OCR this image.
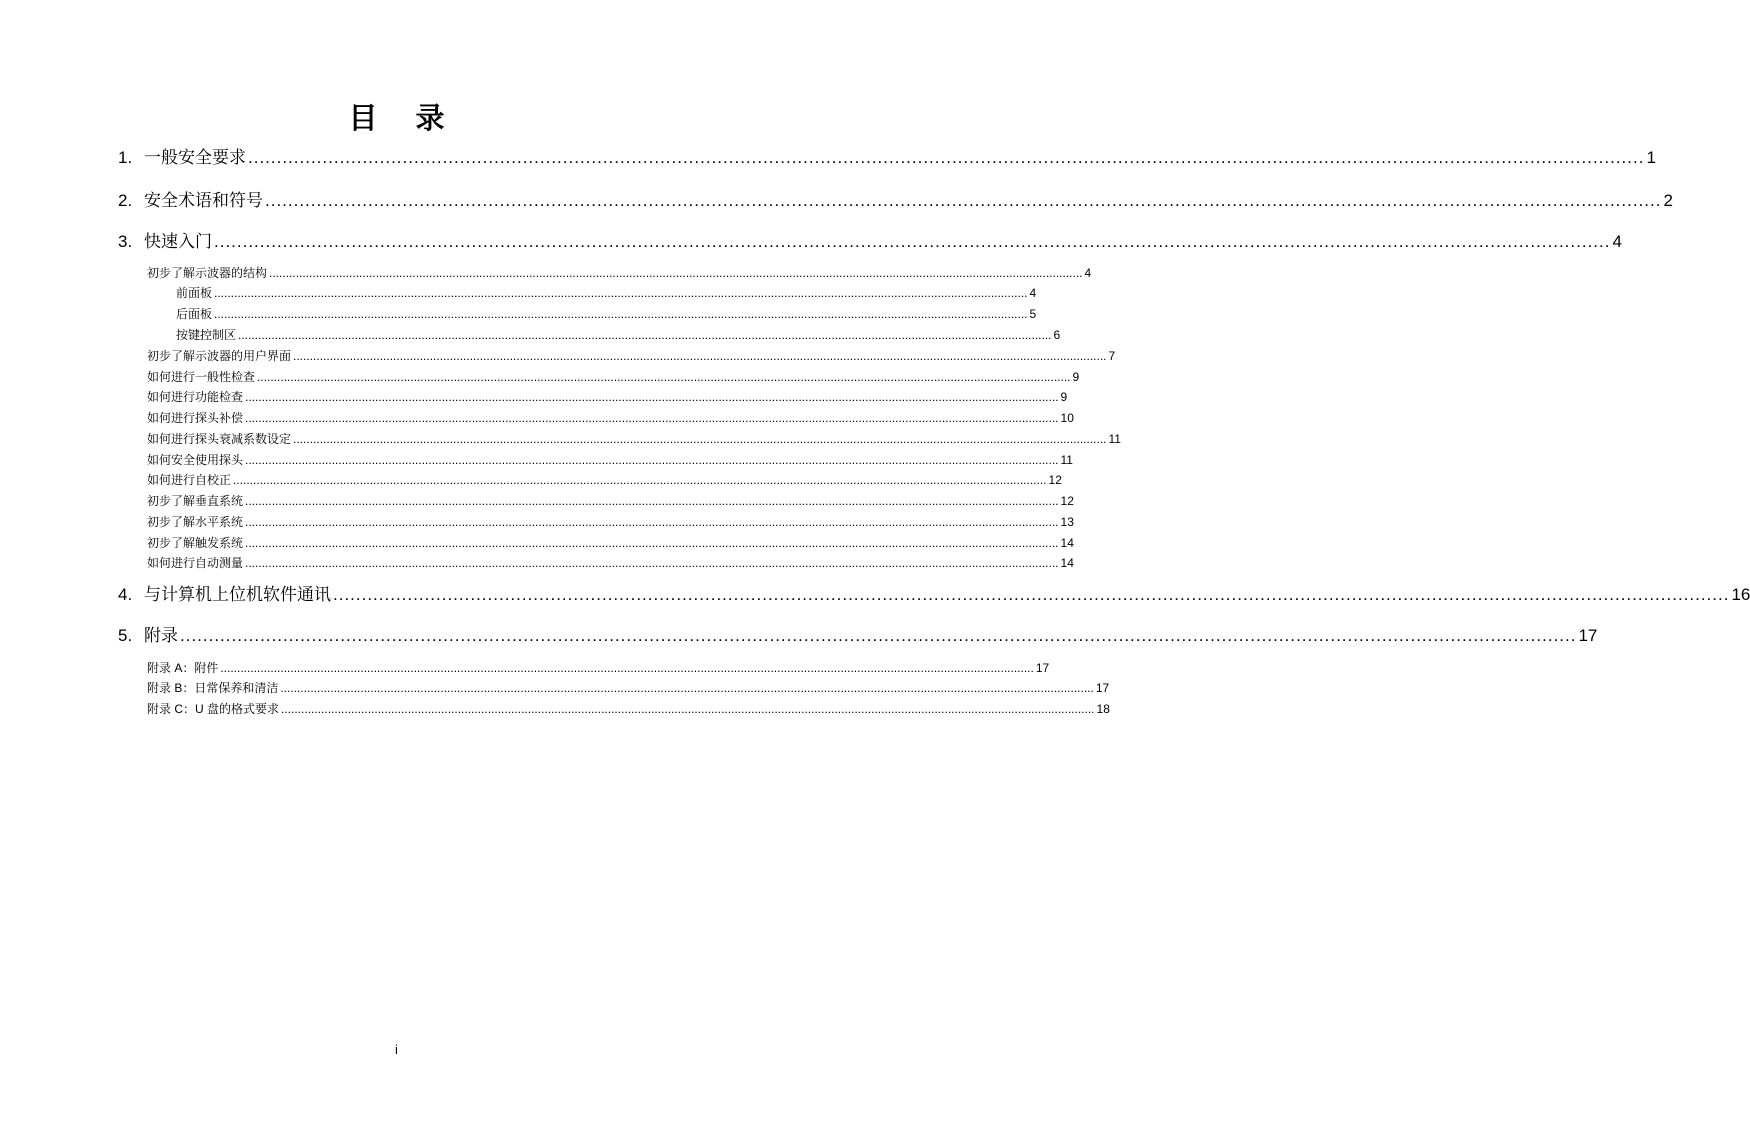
目 录
1. 一般安全要求 .................................................................................................................................................................................................................................................... 1
2. 安全术语和符号 .................................................................................................................................................................................................................................................... 2
3. 快速入门 .................................................................................................................................................................................................................................................... 4
初步了解示波器的结构 .................................................................................................................................................................................................................................................... 4
前面板 .................................................................................................................................................................................................................................................... 4
后面板 .................................................................................................................................................................................................................................................... 5
按键控制区 .................................................................................................................................................................................................................................................... 6
初步了解示波器的用户界面 .................................................................................................................................................................................................................................................... 7
如何进行一般性检查 .................................................................................................................................................................................................................................................... 9
如何进行功能检查 .................................................................................................................................................................................................................................................... 9
如何进行探头补偿 .................................................................................................................................................................................................................................................... 10
如何进行探头衰减系数设定 .................................................................................................................................................................................................................................................... 11
如何安全使用探头 .................................................................................................................................................................................................................................................... 11
如何进行自校正 .................................................................................................................................................................................................................................................... 12
初步了解垂直系统 .................................................................................................................................................................................................................................................... 12
初步了解水平系统 .................................................................................................................................................................................................................................................... 13
初步了解触发系统 .................................................................................................................................................................................................................................................... 14
如何进行自动测量 .................................................................................................................................................................................................................................................... 14
4. 与计算机上位机软件通讯 .................................................................................................................................................................................................................................................... 16
5. 附录 .................................................................................................................................................................................................................................................... 17
附录 A：附件 .................................................................................................................................................................................................................................................... 17
附录 B：日常保养和清洁 .................................................................................................................................................................................................................................................... 17
附录 C：U 盘的格式要求 .................................................................................................................................................................................................................................................... 18
i
